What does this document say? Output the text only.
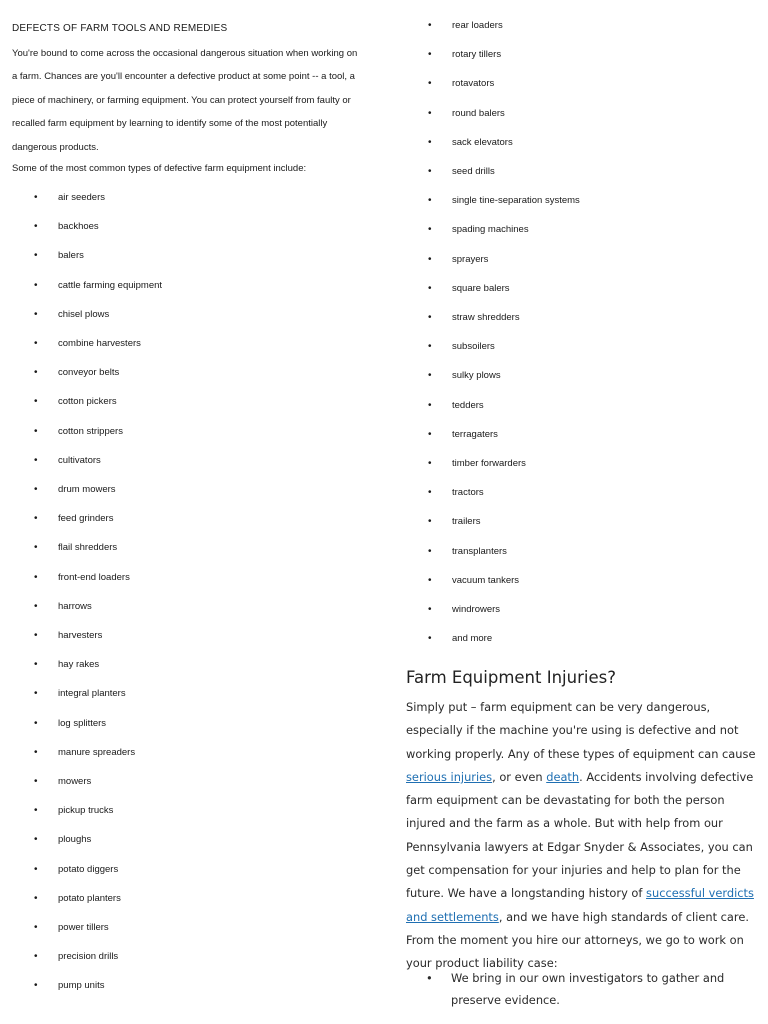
DEFECTS OF FARM TOOLS AND REMEDIES

You're bound to come across the occasional dangerous situation when working on a farm. Chances are you'll encounter a defective product at some point -- a tool, a piece of machinery, or farming equipment. You can protect yourself from faulty or recalled farm equipment by learning to identify some of the most potentially dangerous products.

Some of the most common types of defective farm equipment include:

• air seeders
• backhoes
• balers
• cattle farming equipment
• chisel plows
• combine harvesters
• conveyor belts
• cotton pickers
• cotton strippers
• cultivators
• drum mowers
• feed grinders
• flail shredders
• front-end loaders
• harrows
• harvesters
• hay rakes
• integral planters
• log splitters
• manure spreaders
• mowers
• pickup trucks
• ploughs
• potato diggers
• potato planters
• power tillers
• precision drills
• pump units
• rear loaders
• rotary tillers
• rotavators
• round balers
• sack elevators
• seed drills
• single tine-separation systems
• spading machines
• sprayers
• square balers
• straw shredders
• subsoilers
• sulky plows
• tedders
• terragaters
• timber forwarders
• tractors
• trailers
• transplanters
• vacuum tankers
• windrowers
• and more
Farm Equipment Injuries?

Simply put – farm equipment can be very dangerous, especially if the machine you're using is defective and not working properly. Any of these types of equipment can cause serious injuries, or even death. Accidents involving defective farm equipment can be devastating for both the person injured and the farm as a whole. But with help from our Pennsylvania lawyers at Edgar Snyder & Associates, you can get compensation for your injuries and help to plan for the future. We have a longstanding history of successful verdicts and settlements, and we have high standards of client care. From the moment you hire our attorneys, we go to work on your product liability case:

• We bring in our own investigators to gather and preserve evidence.
